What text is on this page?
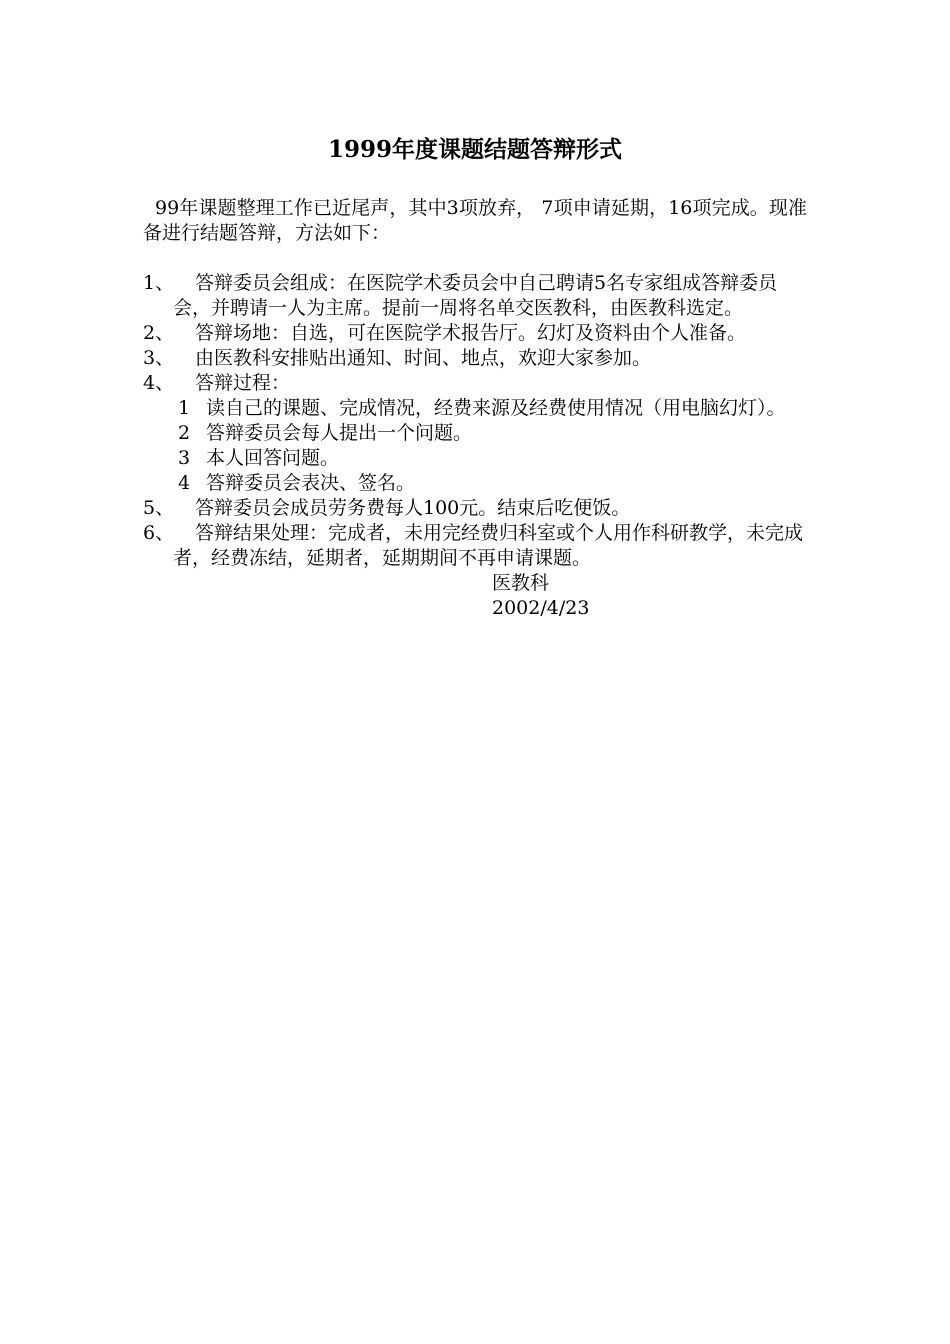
1999年度课题结题答辩形式

99年课题整理工作已近尾声，其中3项放弃， 7项申请延期，16项完成。现准备进行结题答辩，方法如下：

1、	答辩委员会组成：在医院学术委员会中自己聘请5名专家组成答辩委员会，并聘请一人为主席。提前一周将名单交医教科，由医教科选定。
2、	答辩场地：自选，可在医院学术报告厅。幻灯及资料由个人准备。
3、	由医教科安排贴出通知、时间、地点，欢迎大家参加。
4、	答辩过程：
1 读自己的课题、完成情况，经费来源及经费使用情况（用电脑幻灯）。
2 答辩委员会每人提出一个问题。
3 本人回答问题。
4 答辩委员会表决、签名。
5、	答辩委员会成员劳务费每人100元。结束后吃便饭。
6、	答辩结果处理：完成者，未用完经费归科室或个人用作科研教学，未完成者，经费冻结，延期者，延期期间不再申请课题。
医教科
2002/4/23
